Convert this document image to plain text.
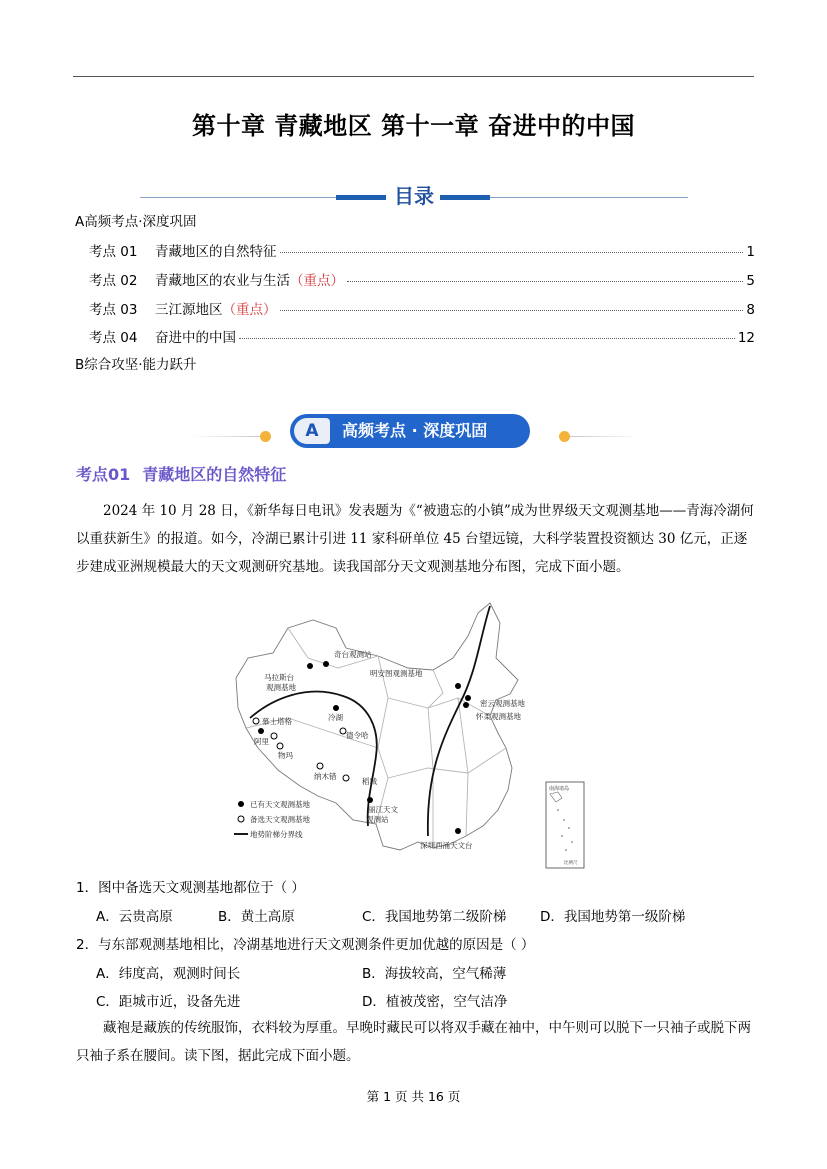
第十章 青藏地区 第十一章 奋进中的中国
目录
A高频考点·深度巩固
考点 01	青藏地区的自然特征	1
考点 02	青藏地区的农业与生活 （重点）	5
考点 03	三江源地区 （重点）	8
考点 04	奋进中的中国	12
B综合攻坚·能力跃升
A	高频考点 · 深度巩固
考点01 青藏地区的自然特征
2024 年 10 月 28 日，《新华每日电讯》发表题为《“被遗忘的小镇”成为世界级天文观测基地——青海冷湖何以重获新生》的报道。如今，冷湖已累计引进 11 家科研单位 45 台望远镜，大科学装置投资额达 30 亿元，正逐步建成亚洲规模最大的天文观测研究基地。读我国部分天文观测基地分布图，完成下面小题。
奇台观测站
马拉斯台
观测基地
明安图观测基地
密云观测基地
怀柔观测基地
慕士塔格
阿里
物玛
冷湖
德令哈
纳木错
稻城
丽江天文
观测站
深圳西涌天文台
已有天文观测基地
备选天文观测基地
地势阶梯分界线
南海诸岛
比例尺
1．图中备选天文观测基地都位于（ ）
A．云贵高原	B．黄土高原	C．我国地势第二级阶梯 D．我国地势第一级阶梯
2．与东部观测基地相比，冷湖基地进行天文观测条件更加优越的原因是（ ）
A．纬度高，观测时间长	B．海拔较高，空气稀薄
C．距城市近，设备先进	D．植被茂密，空气洁净
藏袍是藏族的传统服饰，衣料较为厚重。早晚时藏民可以将双手藏在袖中，中午则可以脱下一只袖子或脱下两只袖子系在腰间。读下图，据此完成下面小题。
第 1 页 共 16 页
